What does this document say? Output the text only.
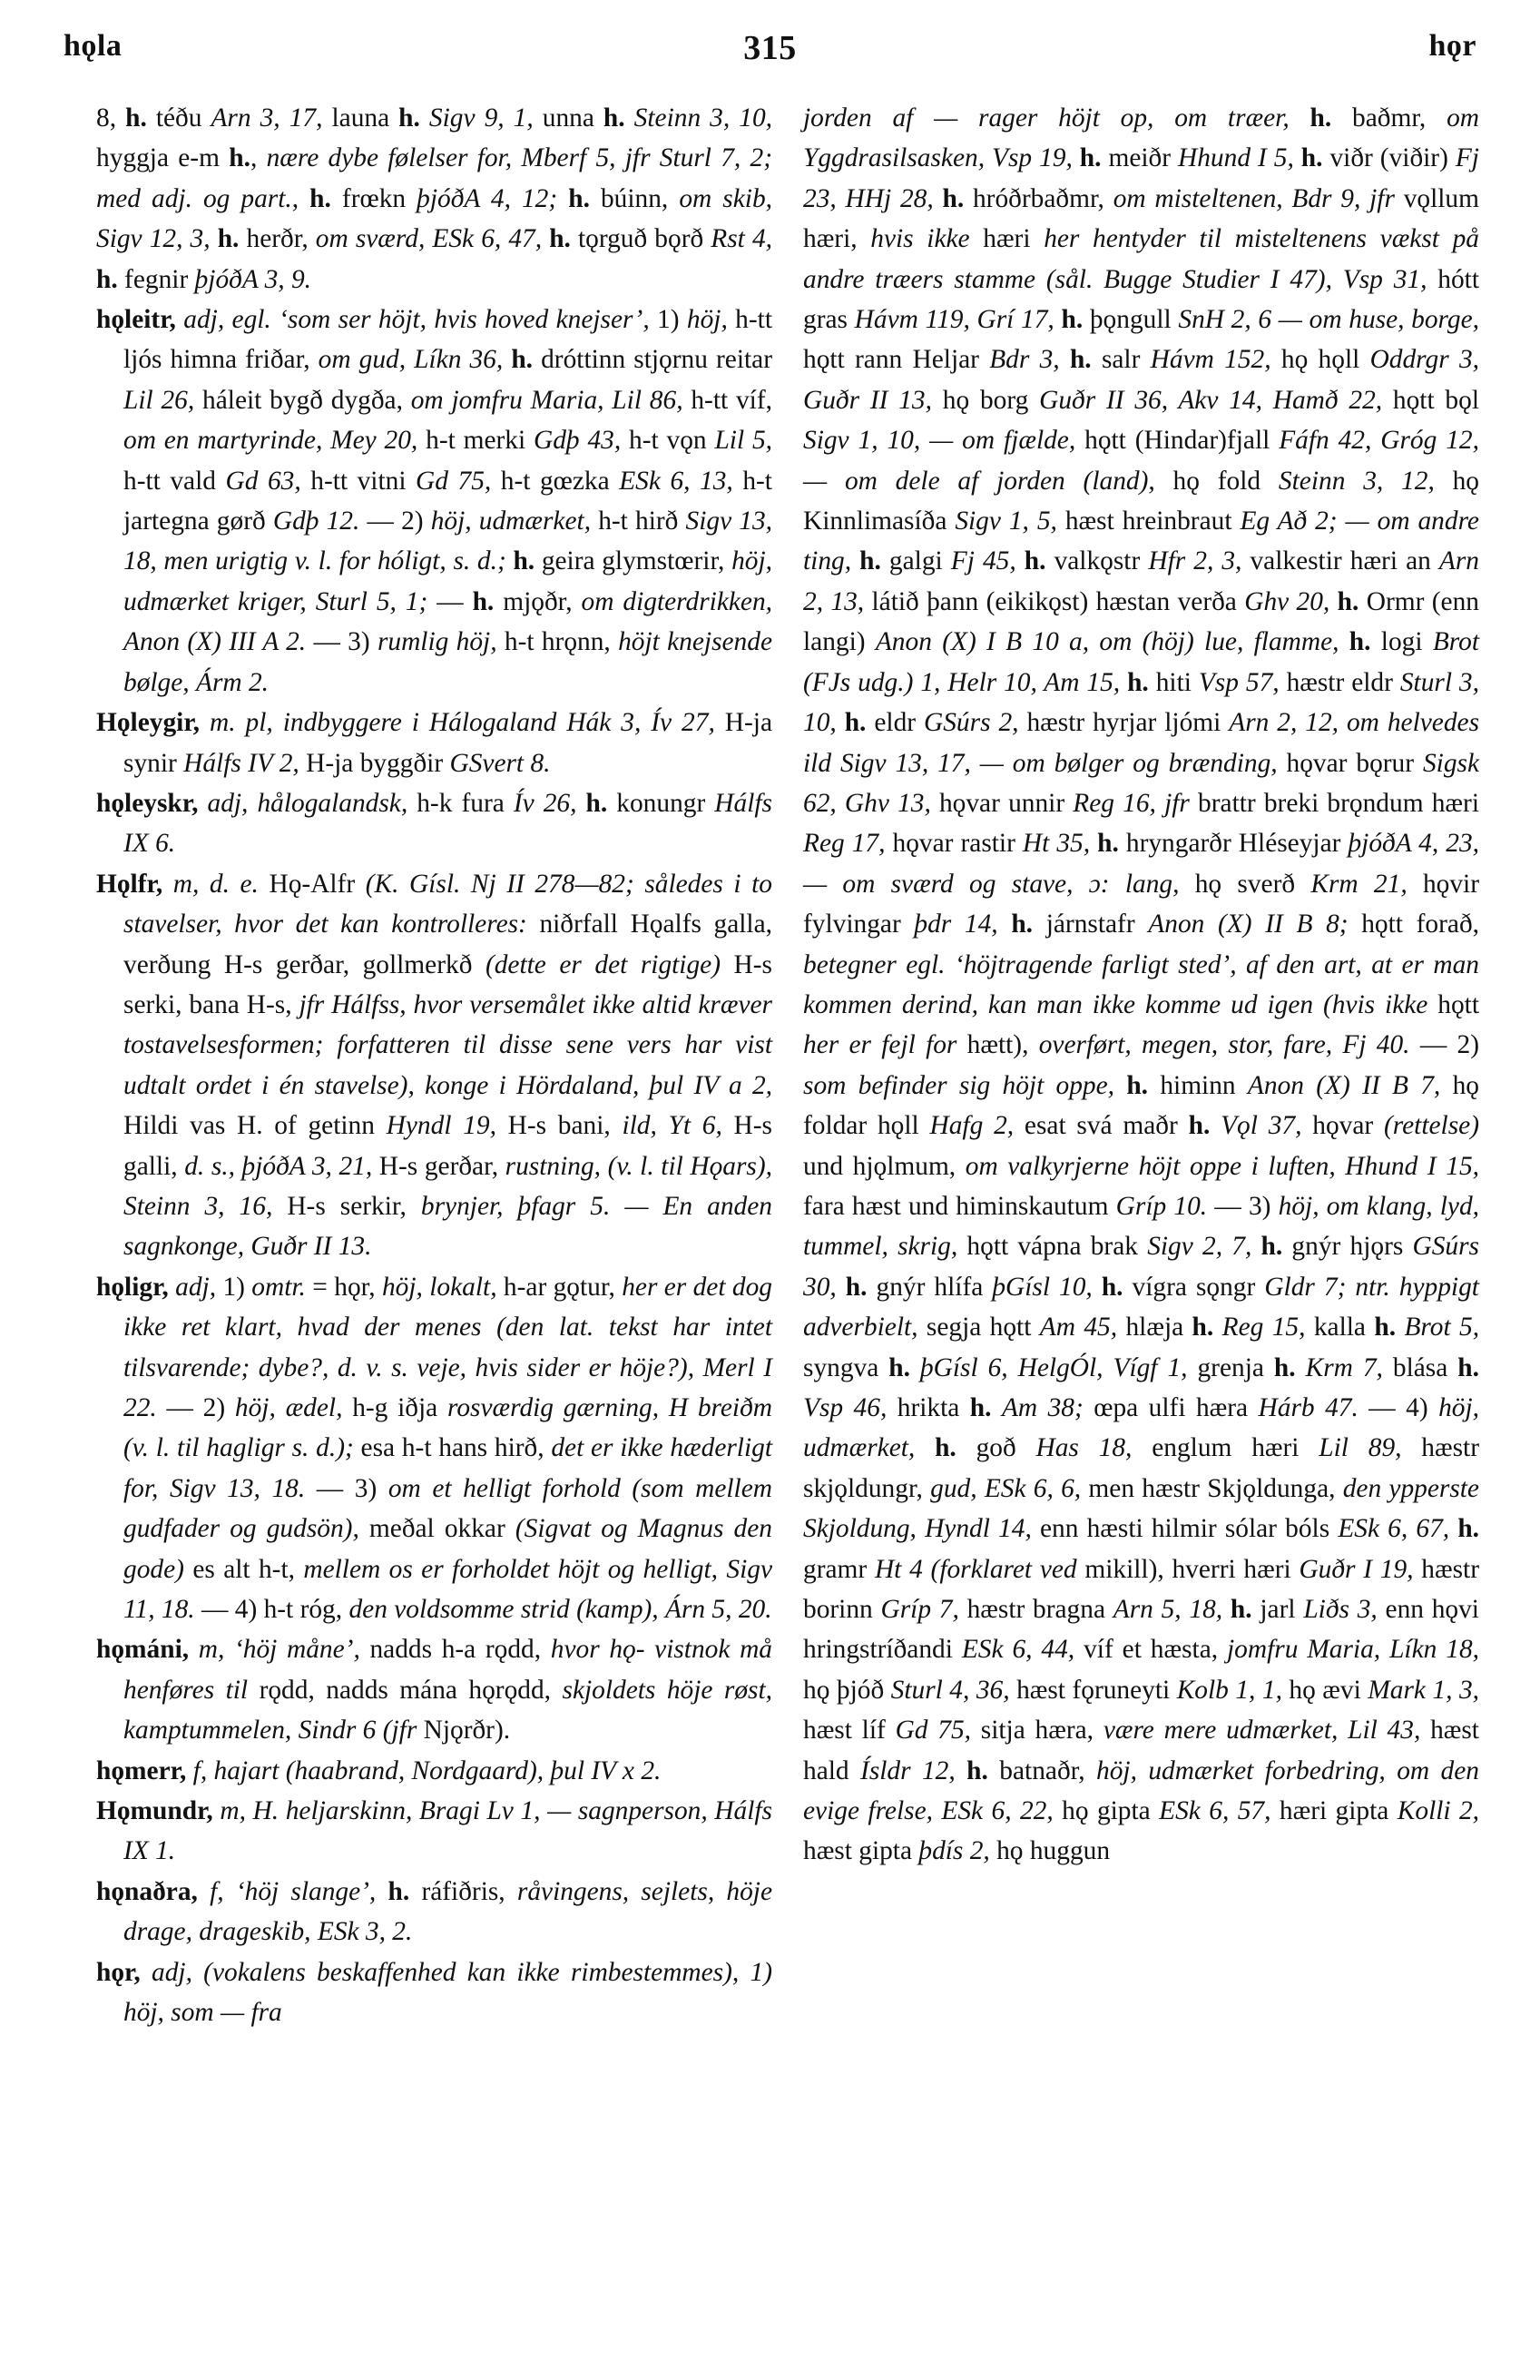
hǫla	315	hǫr

8, h. téðu Arn 3, 17, launa h. Sigv 9, 1, unna h. Steinn 3, 10, hyggja e-m h., nære dybe følelser for, Mberf 5, jfr Sturl 7, 2; med adj. og part., h. frœkn þjóðA 4, 12; h. búinn, om skib, Sigv 12, 3, h. herðr, om sværd, ESk 6, 47, h. tǫrguð bǫrð Rst 4, h. fegnir þjóðA 3, 9.

hǫleitr, adj, egl. ‘som ser höjt, hvis hoved knejser’, 1) höj, h-tt ljós himna friðar, om gud, Líkn 36, h. dróttinn stjǫrnu reitar Lil 26, háleit bygð dygða, om jomfru Maria, Lil 86, h-tt víf, om en martyrinde, Mey 20, h-t merki Gdþ 43, h-t vǫn Lil 5, h-tt vald Gd 63, h-tt vitni Gd 75, h-t gœzka ESk 6, 13, h-t jartegna gørð Gdþ 12. — 2) höj, udmærket, h-t hirð Sigv 13, 18, men urigtig v. l. for hóligt, s. d.; h. geira glymstœrir, höj, udmærket kriger, Sturl 5, 1; — h. mjǫðr, om digterdrikken, Anon (X) III A 2. — 3) rumlig höj, h-t hrǫnn, höjt knejsende bølge, Árm 2.

Hǫleygir, m. pl, indbyggere i Hálogaland Hák 3, Ív 27, H-ja synir Hálfs IV 2, H-ja byggðir GSvert 8.

hǫleyskr, adj, hålogalandsk, h-k fura Ív 26, h. konungr Hálfs IX 6.

Hǫlfr, m, d. e. Hǫ-Alfr (K. Gísl. Nj II 278—82; således i to stavelser, hvor det kan kontrolleres: niðrfall Hǫalfs galla, verðung H-s gerðar, gollmerkð (dette er det rigtige) H-s serki, bana H-s, jfr Hálfss, hvor versemålet ikke altid kræver tostavelsesformen; forfatteren til disse sene vers har vist udtalt ordet i én stavelse), konge i Hördaland, þul IV a 2, Hildi vas H. of getinn Hyndl 19, H-s bani, ild, Yt 6, H-s galli, d. s., þjóðA 3, 21, H-s gerðar, rustning, (v. l. til Hǫars), Steinn 3, 16, H-s serkir, brynjer, þfagr 5. — En anden sagnkonge, Guðr II 13.

hǫligr, adj, 1) omtr. = hǫr, höj, lokalt, h-ar gǫtur, her er det dog ikke ret klart, hvad der menes (den lat. tekst har intet tilsvarende; dybe?, d. v. s. veje, hvis sider er höje?), Merl I 22. — 2) höj, ædel, h-g iðja rosværdig gærning, H breiðm (v. l. til hagligr s. d.); esa h-t hans hirð, det er ikke hæderligt for, Sigv 13, 18. — 3) om et helligt forhold (som mellem gudfader og gudsön), meðal okkar (Sigvat og Magnus den gode) es alt h-t, mellem os er forholdet höjt og helligt, Sigv 11, 18. — 4) h-t róg, den voldsomme strid (kamp), Árn 5, 20.

hǫmáni, m, ‘höj måne’, nadds h-a rǫdd, hvor hǫ- vistnok må henføres til rǫdd, nadds mána hǫrǫdd, skjoldets höje røst, kamptummelen, Sindr 6 (jfr Njǫrðr).

hǫmerr, f, hajart (haabrand, Nordgaard), þul IV x 2.

Hǫmundr, m, H. heljarskinn, Bragi Lv 1, — sagnperson, Hálfs IX 1.

hǫnaðra, f, ‘höj slange’, h. ráfiðris, råvingens, sejlets, höje drage, drageskib, ESk 3, 2.

hǫr, adj, (vokalens beskaffenhed kan ikke rimbestemmes), 1) höj, som — fra

jorden af — rager höjt op, om træer, h. baðmr, om Yggdrasilsasken, Vsp 19, h. meiðr Hhund I 5, h. viðr (viðir) Fj 23, HHj 28, h. hróðrbaðmr, om misteltenen, Bdr 9, jfr vǫllum hæri, hvis ikke hæri her hentyder til misteltenens vækst på andre træers stamme (sål. Bugge Studier I 47), Vsp 31, hótt gras Hávm 119, Grí 17, h. þǫngull SnH 2, 6 — om huse, borge, hǫtt rann Heljar Bdr 3, h. salr Hávm 152, hǫ hǫll Oddrgr 3, Guðr II 13, hǫ borg Guðr II 36, Akv 14, Hamð 22, hǫtt bǫl Sigv 1, 10, — om fjælde, hǫtt (Hindar)fjall Fáfn 42, Gróg 12, — om dele af jorden (land), hǫ fold Steinn 3, 12, hǫ Kinnlimasíða Sigv 1, 5, hæst hreinbraut Eg Að 2; — om andre ting, h. galgi Fj 45, h. valkǫstr Hfr 2, 3, valkestir hæri an Arn 2, 13, látið þann (eikikǫst) hæstan verða Ghv 20, h. Ormr (enn langi) Anon (X) I B 10 a, om (höj) lue, flamme, h. logi Brot (FJs udg.) 1, Helr 10, Am 15, h. hiti Vsp 57, hæstr eldr Sturl 3, 10, h. eldr GSúrs 2, hæstr hyrjar ljómi Arn 2, 12, om helvedes ild Sigv 13, 17, — om bølger og brænding, hǫvar bǫrur Sigsk 62, Ghv 13, hǫvar unnir Reg 16, jfr brattr breki brǫndum hæri Reg 17, hǫvar rastir Ht 35, h. hryngarðr Hléseyjar þjóðA 4, 23, — om sværd og stave, ɔ: lang, hǫ sverð Krm 21, hǫvir fylvingar þdr 14, h. járnstafr Anon (X) II B 8; hǫtt forað, betegner egl. ‘höjtragende farligt sted’, af den art, at er man kommen derind, kan man ikke komme ud igen (hvis ikke hǫtt her er fejl for hætt), overført, megen, stor, fare, Fj 40. — 2) som befinder sig höjt oppe, h. himinn Anon (X) II B 7, hǫ foldar hǫll Hafg 2, esat svá maðr h. Vǫl 37, hǫvar (rettelse) und hjǫlmum, om valkyrjerne höjt oppe i luften, Hhund I 15, fara hæst und himinskautum Gríp 10. — 3) höj, om klang, lyd, tummel, skrig, hǫtt vápna brak Sigv 2, 7, h. gnýr hjǫrs GSúrs 30, h. gnýr hlífa þGísl 10, h. vígra sǫngr Gldr 7; ntr. hyppigt adverbielt, segja hǫtt Am 45, hlæja h. Reg 15, kalla h. Brot 5, syngva h. þGísl 6, HelgÓl, Vígf 1, grenja h. Krm 7, blása h. Vsp 46, hrikta h. Am 38; œpa ulfi hæra Hárb 47. — 4) höj, udmærket, h. goð Has 18, englum hæri Lil 89, hæstr skjǫldungr, gud, ESk 6, 6, men hæstr Skjǫldunga, den ypperste Skjoldung, Hyndl 14, enn hæsti hilmir sólar bóls ESk 6, 67, h. gramr Ht 4 (forklaret ved mikill), hverri hæri Guðr I 19, hæstr borinn Gríp 7, hæstr bragna Arn 5, 18, h. jarl Liðs 3, enn hǫvi hringstríðandi ESk 6, 44, víf et hæsta, jomfru Maria, Líkn 18, hǫ þjóð Sturl 4, 36, hæst fǫruneyti Kolb 1, 1, hǫ ævi Mark 1, 3, hæst líf Gd 75, sitja hæra, være mere udmærket, Lil 43, hæst hald Ísldr 12, h. batnaðr, höj, udmærket forbedring, om den evige frelse, ESk 6, 22, hǫ gipta ESk 6, 57, hæri gipta Kolli 2, hæst gipta þdís 2, hǫ huggun
